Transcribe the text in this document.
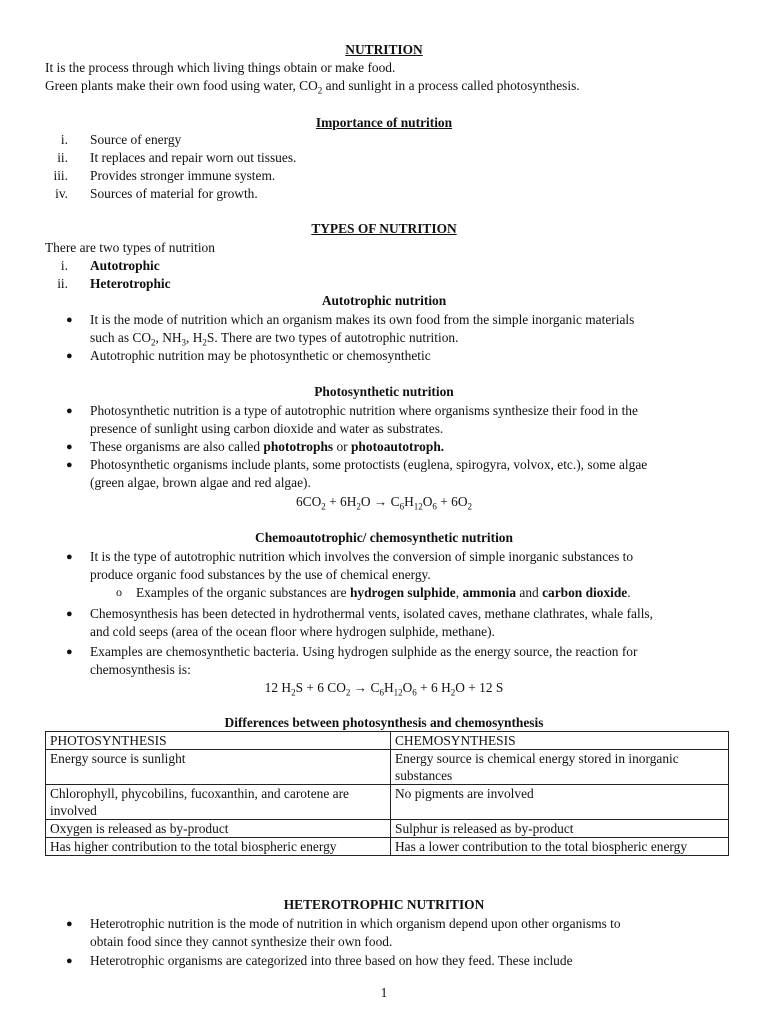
NUTRITION
It is the process through which living things obtain or make food.
Green plants make their own food using water, $CO_2$ and sunlight in a process called photosynthesis.
Importance of nutrition
i. Source of energy
ii. It replaces and repair worn out tissues.
iii. Provides stronger immune system.
iv. Sources of material for growth.
TYPES OF NUTRITION
There are two types of nutrition
i. Autotrophic
ii. Heterotrophic
Autotrophic nutrition
● It is the mode of nutrition which an organism makes its own food from the simple inorganic materials
such as $CO_2$, $NH_3$, $H_2S$. There are two types of autotrophic nutrition.
● Autotrophic nutrition may be photosynthetic or chemosynthetic
Photosynthetic nutrition
● Photosynthetic nutrition is a type of autotrophic nutrition where organisms synthesize their food in the
presence of sunlight using carbon dioxide and water as substrates.
● These organisms are also called phototrophs or photoautotroph.
● Photosynthetic organisms include plants, some protoctists (euglena, spirogyra, volvox, etc.), some algae
(green algae, brown algae and red algae).
$6CO_2 + 6H_2O \to C_6H_{12}O_6 + 6O_2$
Chemoautotrophic/ chemosynthetic nutrition
● It is the type of autotrophic nutrition which involves the conversion of simple inorganic substances to
produce organic food substances by the use of chemical energy.
o Examples of the organic substances are hydrogen sulphide, ammonia and carbon dioxide.
● Chemosynthesis has been detected in hydrothermal vents, isolated caves, methane clathrates, whale falls,
and cold seeps (area of the ocean floor where hydrogen sulphide, methane).
● Examples are chemosynthetic bacteria. Using hydrogen sulphide as the energy source, the reaction for
chemosynthesis is:
12 $H_2S + 6$ $CO_2 \to C_6H_{12}O_6 + 6$ $H_2O + 12$ S
Differences between photosynthesis and chemosynthesis
PHOTOSYNTHESIS	CHEMOSYNTHESIS
Energy source is sunlight	Energy source is chemical energy stored in inorganic substances
Chlorophyll, phycobilins, fucoxanthin, and carotene are involved	No pigments are involved
Oxygen is released as by-product	Sulphur is released as by-product
Has higher contribution to the total biospheric energy	Has a lower contribution to the total biospheric energy
HETEROTROPHIC NUTRITION
● Heterotrophic nutrition is the mode of nutrition in which organism depend upon other organisms to
obtain food since they cannot synthesize their own food.
● Heterotrophic organisms are categorized into three based on how they feed. These include
1
